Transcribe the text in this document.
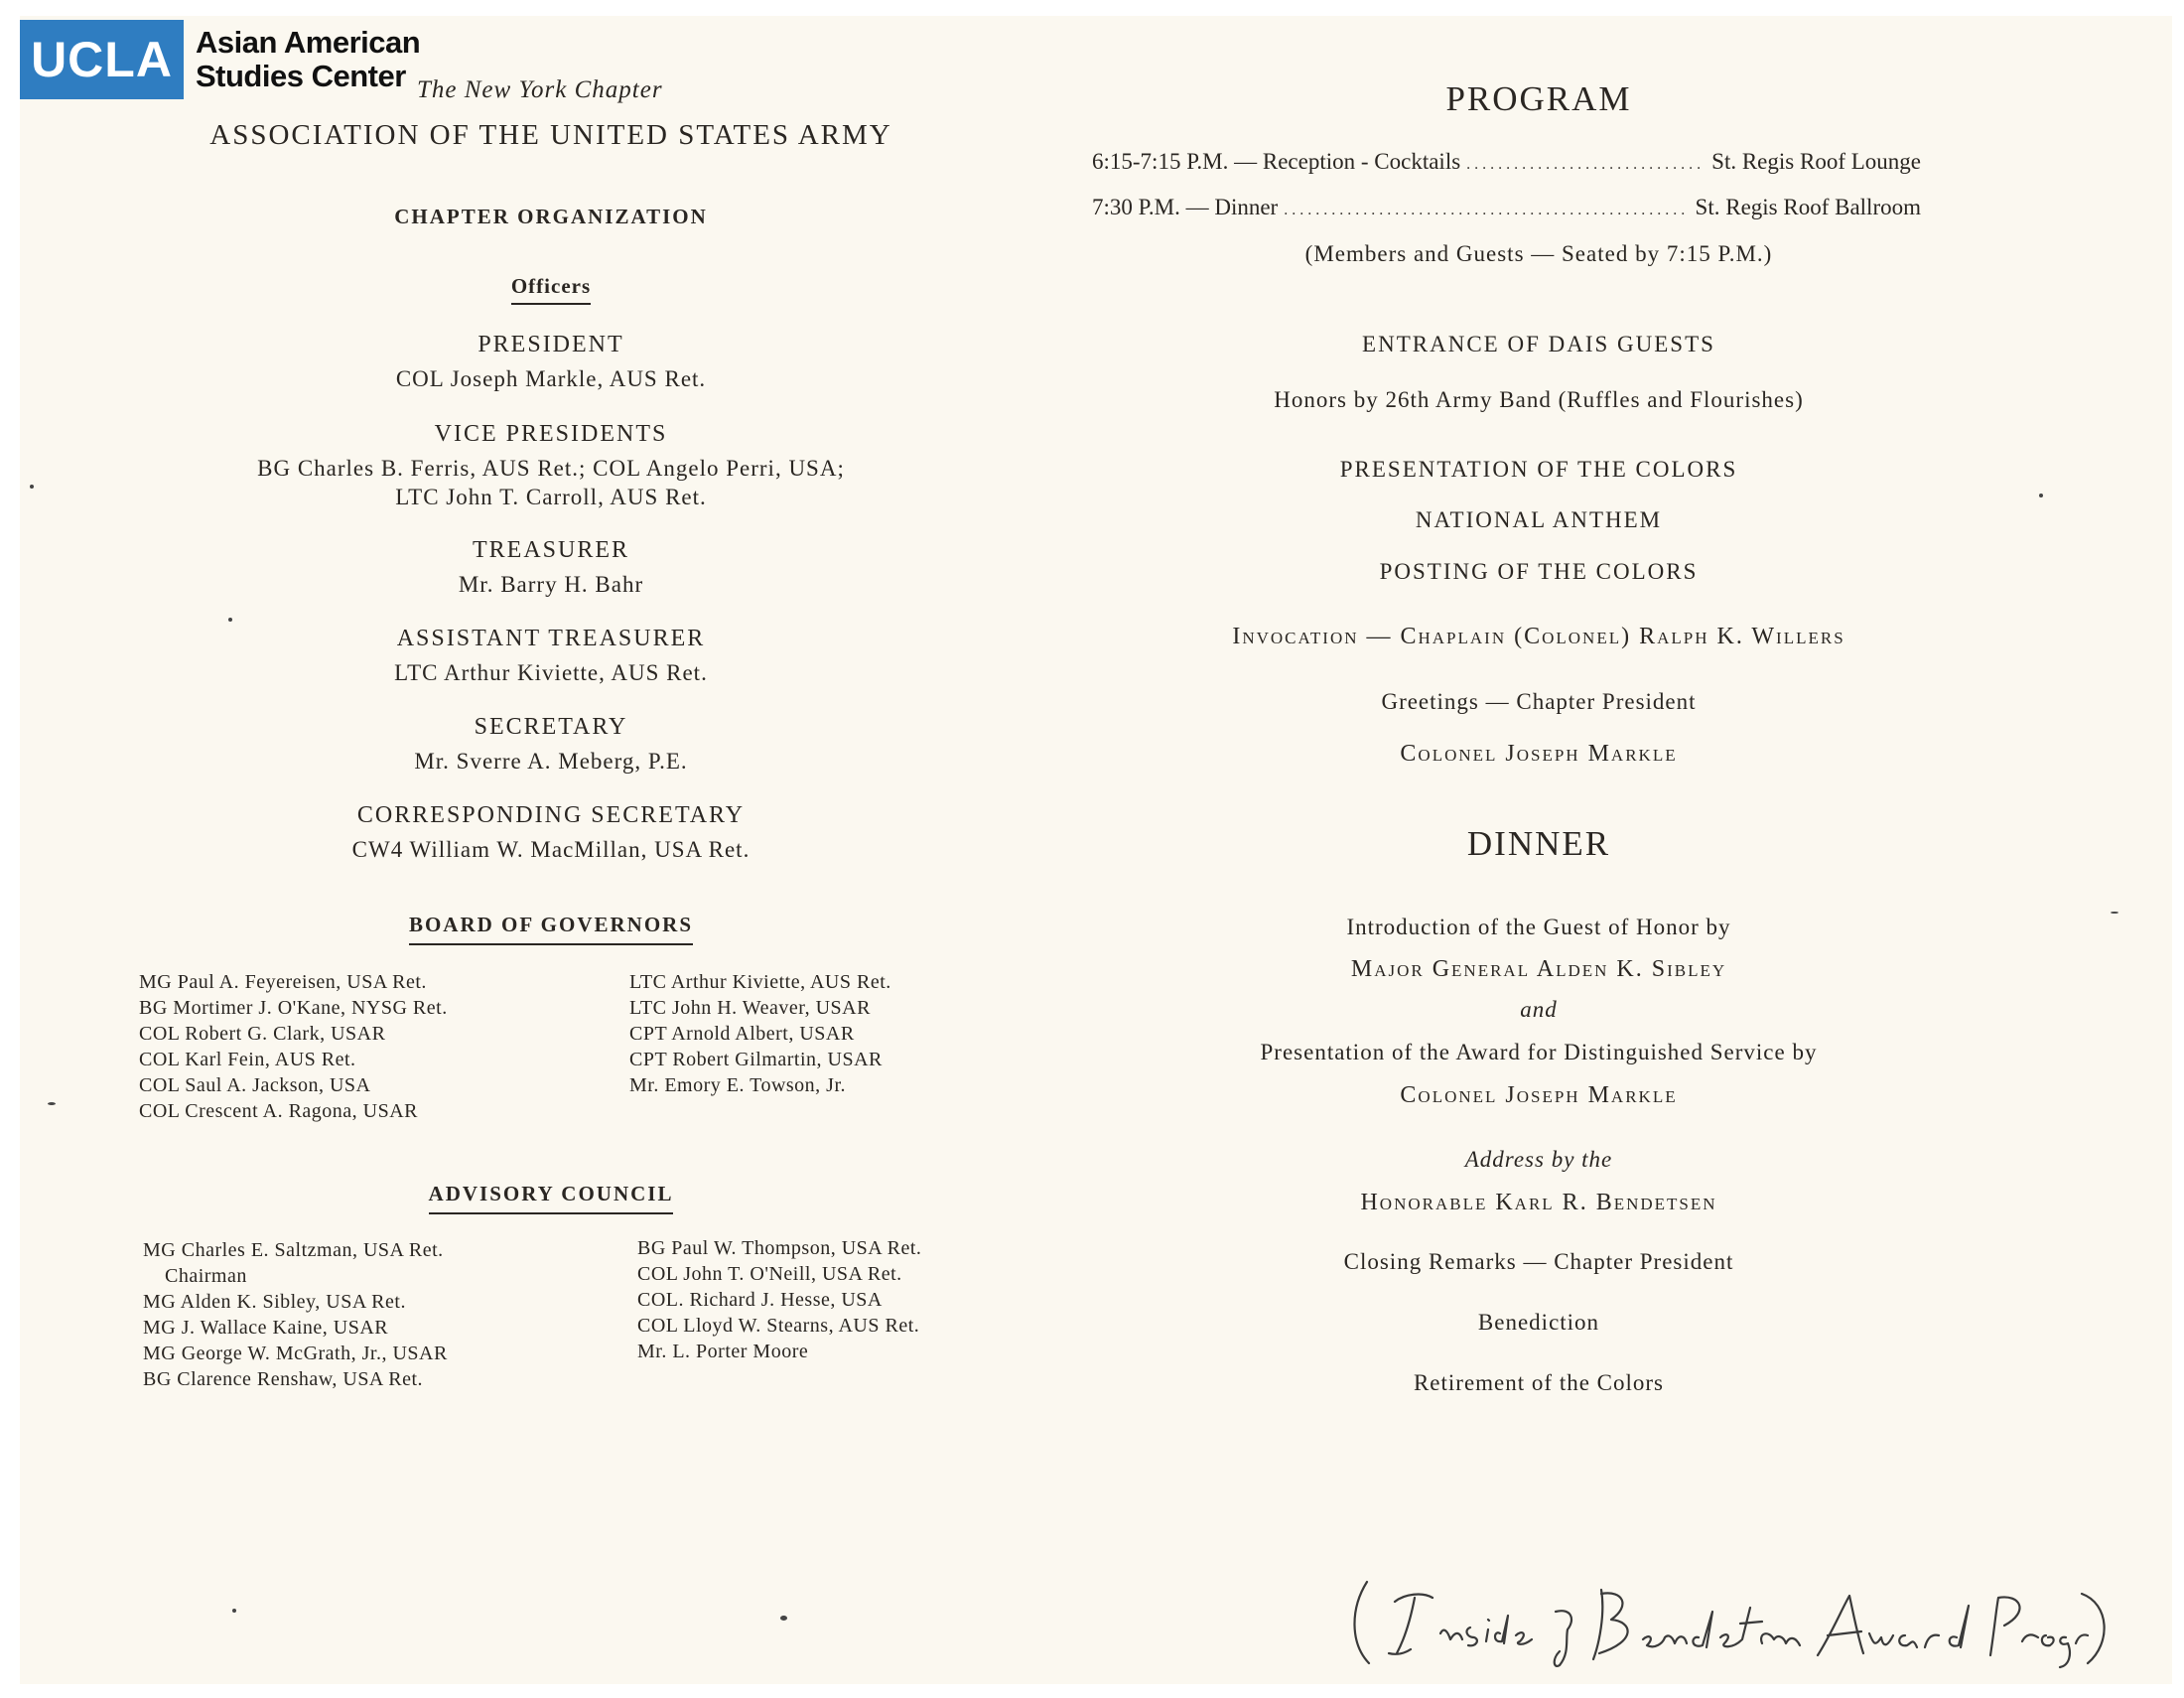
UCLA Asian American
Studies Center The New York Chapter
ASSOCIATION OF THE UNITED STATES ARMY
CHAPTER ORGANIZATION
Officers
PRESIDENT
COL Joseph Markle, AUS Ret.
VICE PRESIDENTS
BG Charles B. Ferris, AUS Ret.; COL Angelo Perri, USA;
LTC John T. Carroll, AUS Ret.
TREASURER
Mr. Barry H. Bahr
ASSISTANT TREASURER
LTC Arthur Kiviette, AUS Ret.
SECRETARY
Mr. Sverre A. Meberg, P.E.
CORRESPONDING SECRETARY
CW4 William W. MacMillan, USA Ret.
BOARD OF GOVERNORS
MG Paul A. Feyereisen, USA Ret.
BG Mortimer J. O'Kane, NYSG Ret.
COL Robert G. Clark, USAR
COL Karl Fein, AUS Ret.
COL Saul A. Jackson, USA
COL Crescent A. Ragona, USAR
LTC Arthur Kiviette, AUS Ret.
LTC John H. Weaver, USAR
CPT Arnold Albert, USAR
CPT Robert Gilmartin, USAR
Mr. Emory E. Towson, Jr.
ADVISORY COUNCIL
MG Charles E. Saltzman, USA Ret.
Chairman
MG Alden K. Sibley, USA Ret.
MG J. Wallace Kaine, USAR
MG George W. McGrath, Jr., USAR
BG Clarence Renshaw, USA Ret.
BG Paul W. Thompson, USA Ret.
COL John T. O'Neill, USA Ret.
COL. Richard J. Hesse, USA
COL Lloyd W. Stearns, AUS Ret.
Mr. L. Porter Moore
PROGRAM
6:15-7:15 P.M. — Reception - Cocktails . . .	St. Regis Roof Lounge
7:30 P.M. — Dinner . . .	St. Regis Roof Ballroom
(Members and Guests — Seated by 7:15 P.M.)
ENTRANCE OF DAIS GUESTS
Honors by 26th Army Band (Ruffles and Flourishes)
PRESENTATION OF THE COLORS
NATIONAL ANTHEM
POSTING OF THE COLORS
Invocation — Chaplain (Colonel) Ralph K. Willers
Greetings — Chapter President
Colonel Joseph Markle
DINNER
Introduction of the Guest of Honor by
Major General Alden K. Sibley
and
Presentation of the Award for Distinguished Service by
Colonel Joseph Markle
Address by the
Honorable Karl R. Bendetsen
Closing Remarks — Chapter President
Benediction
Retirement of the Colors
